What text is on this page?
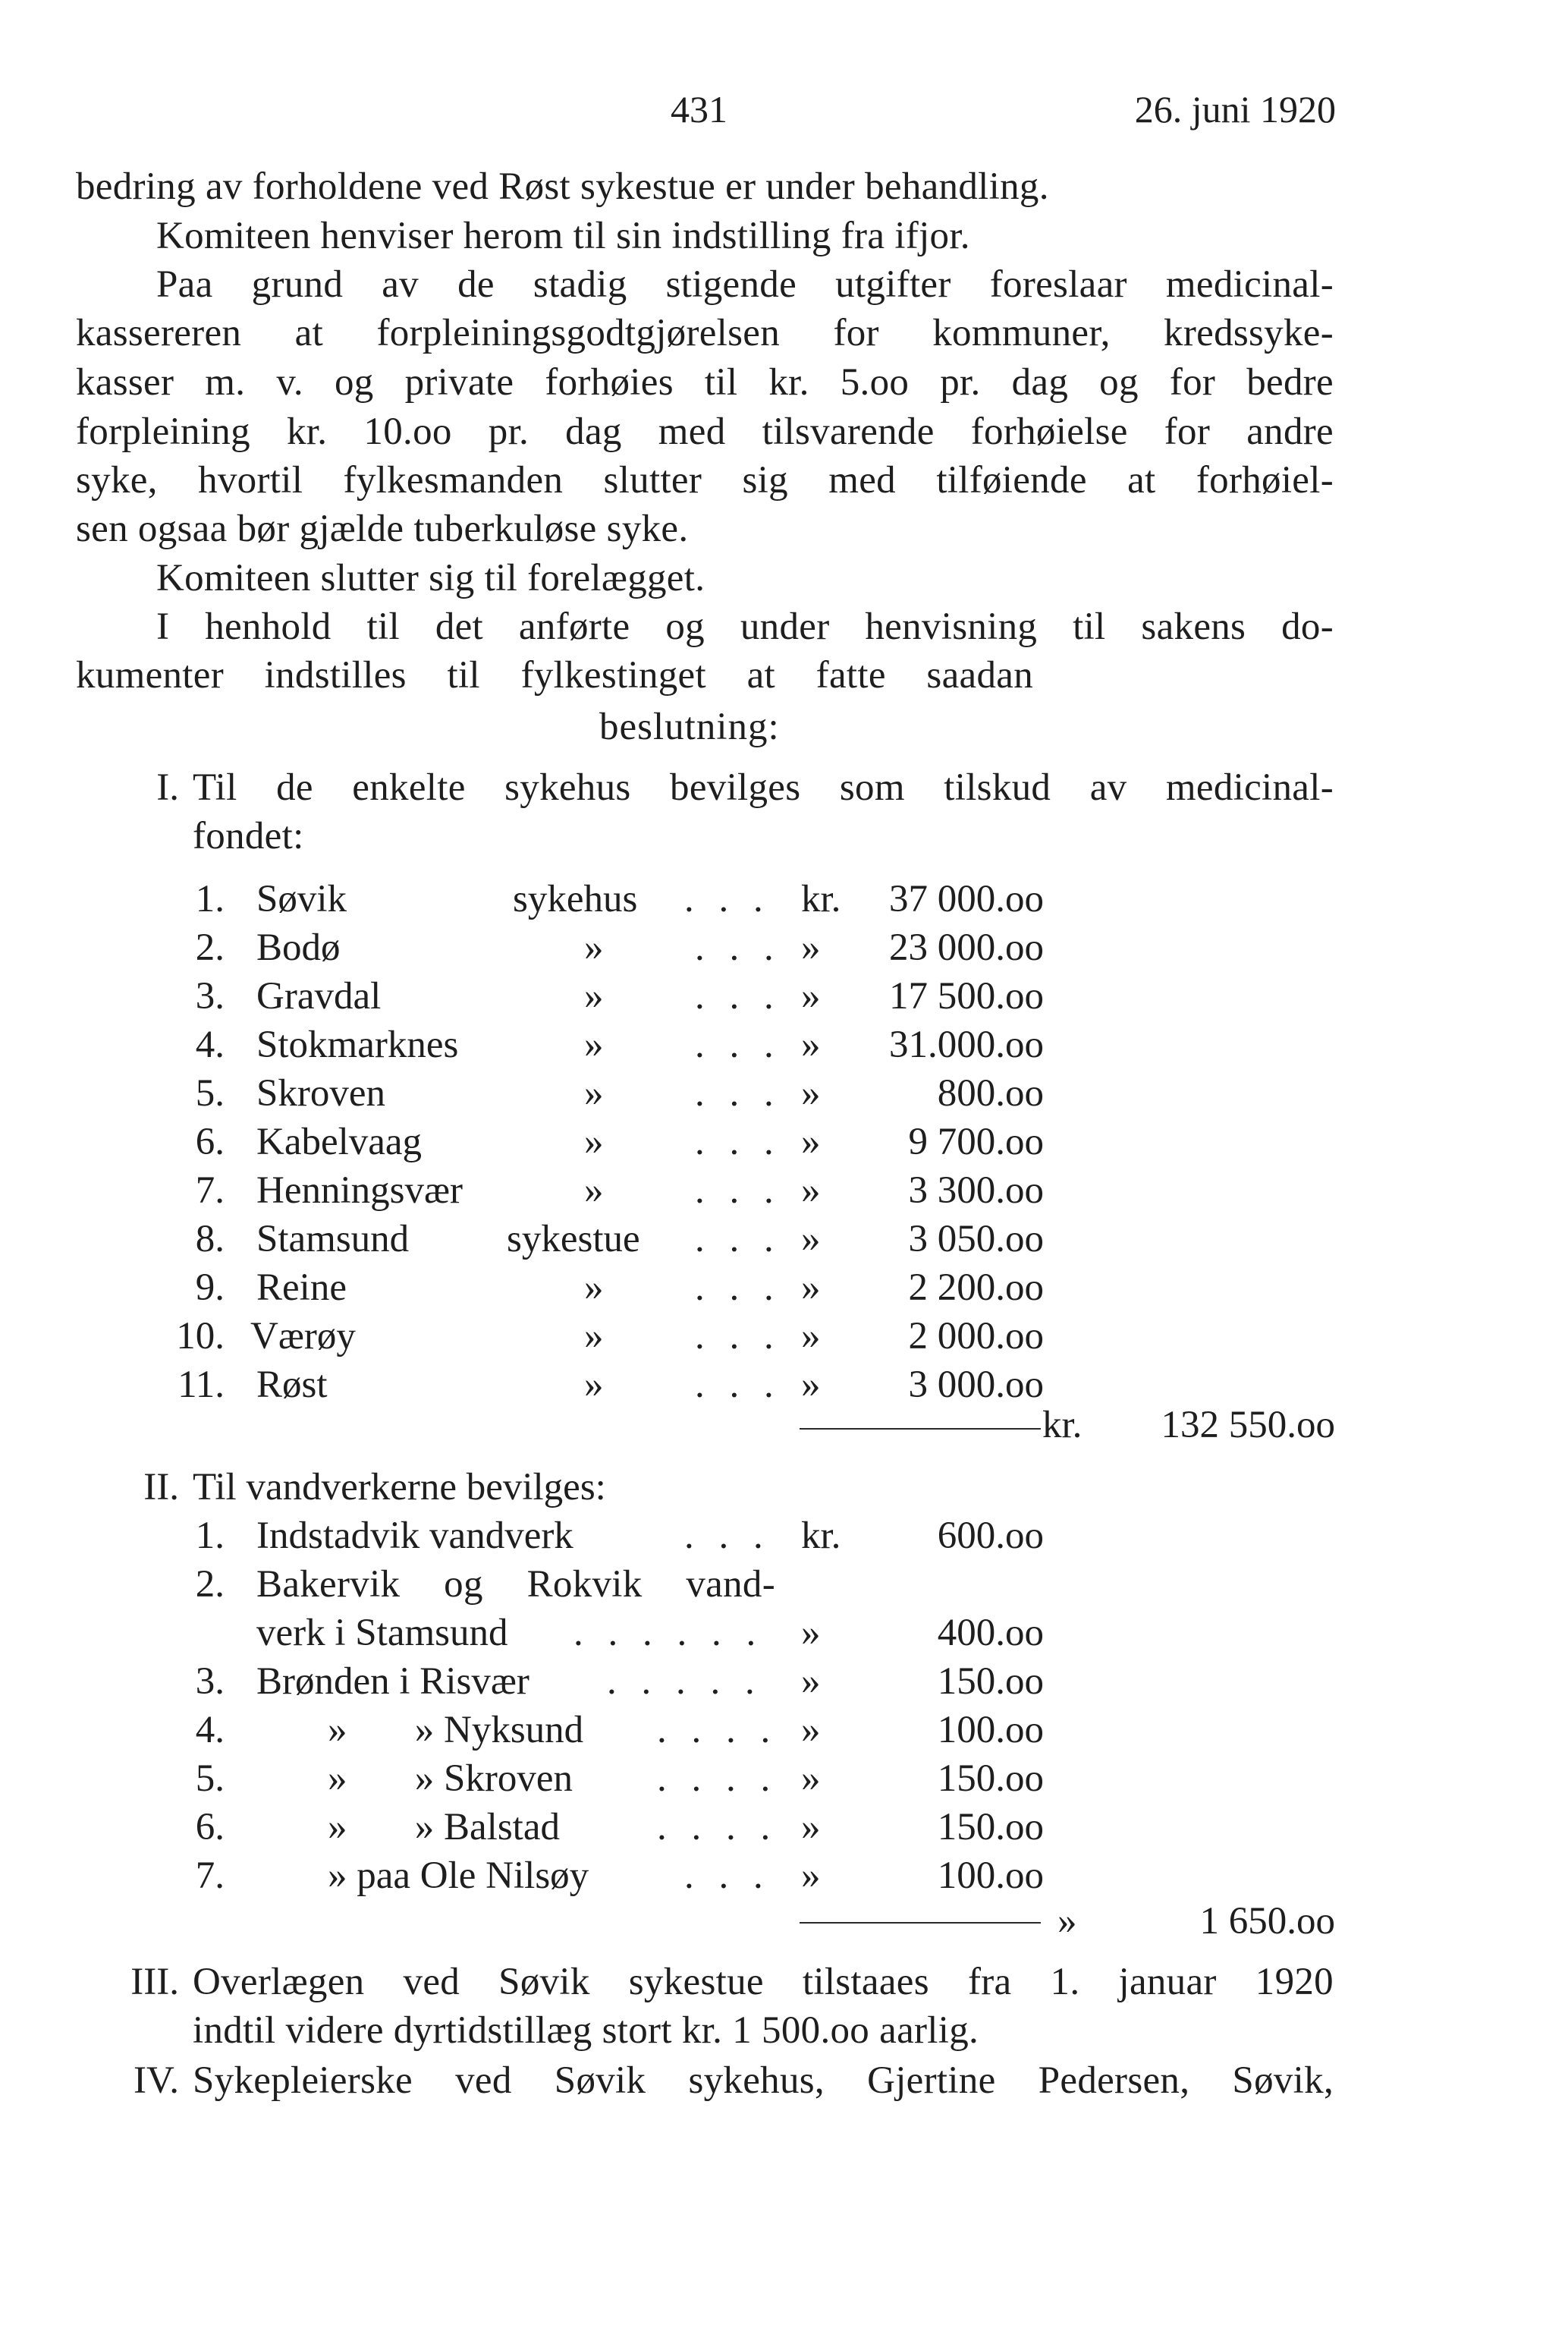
431	26. juni 1920
bedring av forholdene ved Røst sykestue er under behandling.
Komiteen henviser herom til sin indstilling fra ifjor.
Paa grund av de stadig stigende utgifter foreslaar medicinal-
kassereren at forpleiningsgodtgjørelsen for kommuner, kredssyke-
kasser m. v. og private forhøies til kr. 5.oo pr. dag og for bedre
forpleining kr. 10.oo pr. dag med tilsvarende forhøielse for andre
syke, hvortil fylkesmanden slutter sig med tilføiende at forhøiel-
sen ogsaa bør gjælde tuberkuløse syke.
Komiteen slutter sig til forelægget.
I henhold til det anførte og under henvisning til sakens do-
kumenter indstilles til fylkestinget at fatte saadan
beslutning:
I. Til de enkelte sykehus bevilges som tilskud av medicinal-
fondet:
1. Søvik	sykehus . . . kr.	37 000.oo
2. Bodø	» . . . »	23 000.oo
3. Gravdal	» . . . »	17 500.oo
4. Stokmarknes	» . . . »	31.000.oo
5. Skroven	» . . . »	800.oo
6. Kabelvaag	» . . . »	9 700.oo
7. Henningsvær	» . . . »	3 300.oo
8. Stamsund	sykestue . . . »	3 050.oo
9. Reine	» . . . »	2 200.oo
10. Værøy	» . . . »	2 000.oo
11. Røst	» . . . »	3 000.oo
kr.	132 550.oo
II. Til vandverkerne bevilges:
1. Indstadvik vandverk	. . . kr.	600.oo
2. Bakervik og Rokvik vand-
verk i Stamsund . . . . . . »	400.oo
3. Brønden i Risvær . . . . . »	150.oo
4.	»       » Nyksund . . . . »	100.oo
5.	»       » Skroven . . . . »	150.oo
6.	»       » Balstad	. . . . »	150.oo
7.	» paa Ole Nilsøy . . . »	100.oo
»	1 650.oo
III. Overlægen ved Søvik sykestue tilstaaes fra 1. januar 1920
indtil videre dyrtidstillæg stort kr. 1 500.oo aarlig.
IV. Sykepleierske ved Søvik sykehus, Gjertine Pedersen, Søvik,
